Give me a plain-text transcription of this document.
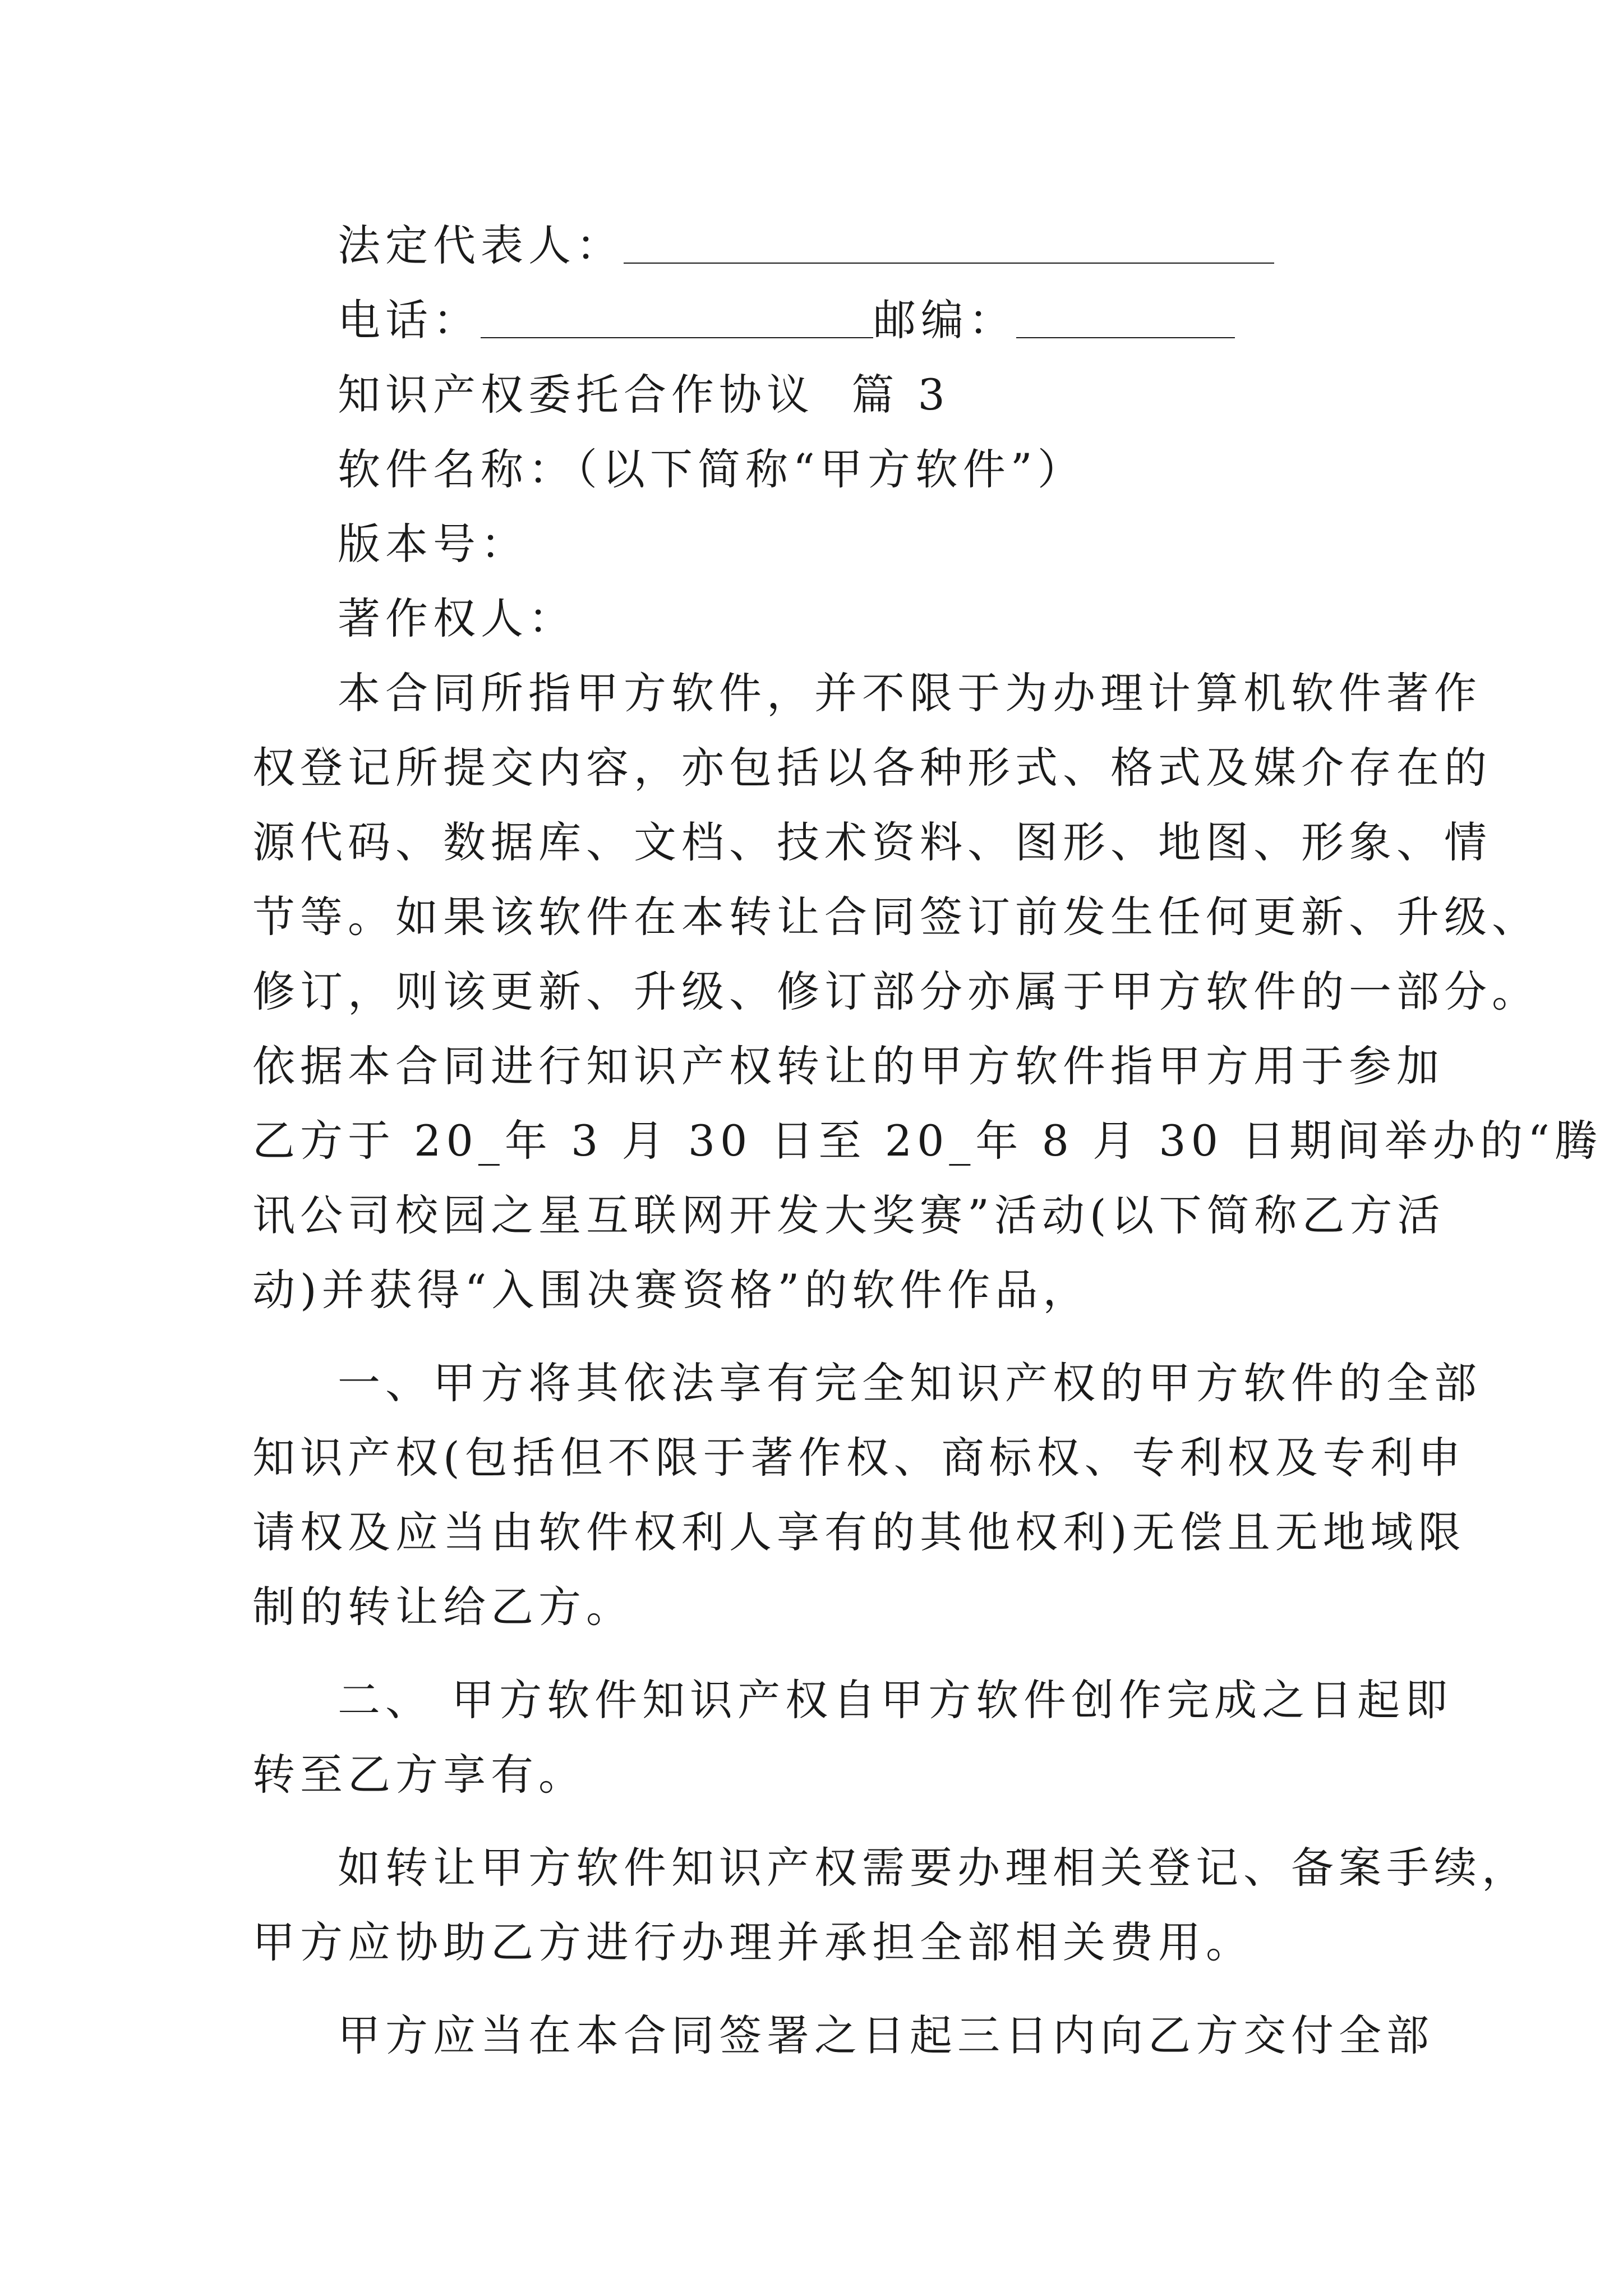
法定代表人：
电话：	邮编：
知识产权委托合作协议 篇 3
软件名称：（以下简称“甲方软件”）
版本号：
著作权人：
本合同所指甲方软件，并不限于为办理计算机软件著作
权登记所提交内容，亦包括以各种形式、格式及媒介存在的
源代码、数据库、文档、技术资料、图形、地图、形象、情
节等。如果该软件在本转让合同签订前发生任何更新、升级、
修订，则该更新、升级、修订部分亦属于甲方软件的一部分。
依据本合同进行知识产权转让的甲方软件指甲方用于参加
乙方于 20_年 3 月 30 日至 20_年 8 月 30 日期间举办的“腾
讯公司校园之星互联网开发大奖赛”活动(以下简称乙方活
动)并获得“入围决赛资格”的软件作品，
一、甲方将其依法享有完全知识产权的甲方软件的全部
知识产权(包括但不限于著作权、商标权、专利权及专利申
请权及应当由软件权利人享有的其他权利)无偿且无地域限
制的转让给乙方。
二、 甲方软件知识产权自甲方软件创作完成之日起即
转至乙方享有。
如转让甲方软件知识产权需要办理相关登记、备案手续，
甲方应协助乙方进行办理并承担全部相关费用。
甲方应当在本合同签署之日起三日内向乙方交付全部
